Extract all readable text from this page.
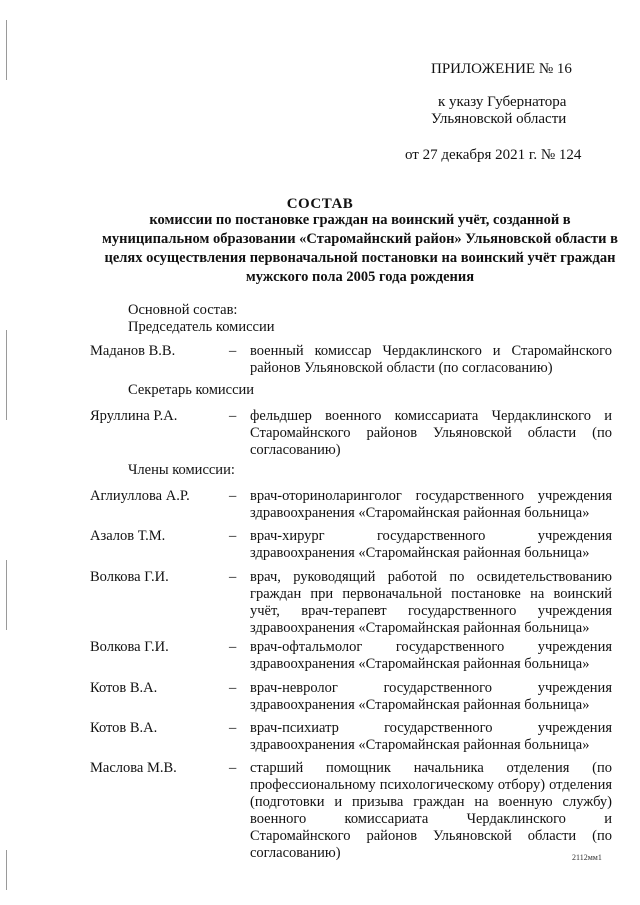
ПРИЛОЖЕНИЕ № 16
к указу Губернатора
Ульяновской области
от 27 декабря 2021 г. № 124
СОСТАВ
комиссии по постановке граждан на воинский учёт, созданной в муниципальном образовании «Старомайнский район» Ульяновской области в целях осуществления первоначальной постановки на воинский учёт граждан мужского пола 2005 года рождения
Основной состав:
Председатель комиссии
Маданов В.В.	– военный комиссар Чердаклинского и Старомайнского районов Ульяновской области (по согласованию)
Секретарь комиссии
Яруллина Р.А.	– фельдшер военного комиссариата Чердаклинского и Старомайнского районов Ульяновской области (по согласованию)
Члены комиссии:
Аглиуллова А.Р.	– врач-оториноларинголог государственного учреждения здравоохранения «Старомайнская районная больница»
Азалов Т.М.	– врач-хирург государственного учреждения здравоохранения «Старомайнская районная больница»
Волкова Г.И.	– врач, руководящий работой по освидетельствованию граждан при первоначальной постановке на воинский учёт, врач-терапевт государственного учреждения здравоохранения «Старомайнская районная больница»
Волкова Г.И.	– врач-офтальмолог государственного учреждения здравоохранения «Старомайнская районная больница»
Котов В.А.	– врач-невролог государственного учреждения здравоохранения «Старомайнская районная больница»
Котов В.А.	– врач-психиатр государственного учреждения здравоохранения «Старомайнская районная больница»
Маслова М.В.	– старший помощник начальника отделения (по профессиональному психологическому отбору) отделения (подготовки и призыва граждан на военную службу) военного комиссариата Чердаклинского и Старомайнского районов Ульяновской области (по согласованию)	2112мм1
